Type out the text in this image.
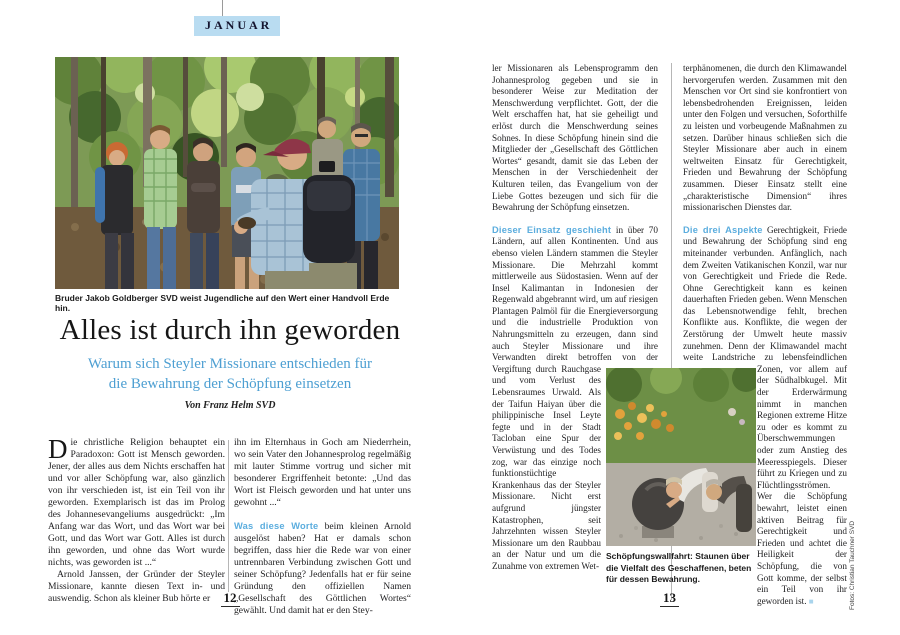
JANUAR
Bruder Jakob Goldberger SVD weist Jugendliche auf den Wert einer Handvoll Erde hin.
Alles ist durch ihn geworden
Warum sich Steyler Missionare entschieden für
die Bewahrung der Schöpfung einsetzen
Von Franz Helm SVD

Die christliche Religion behauptet ein Paradoxon: Gott ist Mensch geworden. Jener, der alles aus dem Nichts erschaffen hat und vor aller Schöpfung war, also gänzlich von ihr verschieden ist, ist ein Teil von ihr geworden. Exemplarisch ist das im Prolog des Johannesevangeliums ausgedrückt: „Im Anfang war das Wort, und das Wort war bei Gott, und das Wort war Gott. Alles ist durch ihn geworden, und ohne das Wort wurde nichts, was geworden ist ...“

Arnold Janssen, der Gründer der Steyler Missionare, kannte diesen Text in- und auswendig. Schon als kleiner Bub hörte er

ihn im Elternhaus in Goch am Niederrhein, wo sein Vater den Johannesprolog regelmäßig mit lauter Stimme vortrug und sicher mit besonderer Ergriffenheit betonte: „Und das Wort ist Fleisch geworden und hat unter uns gewohnt ...“

Was diese Worte beim kleinen Arnold ausgelöst haben? Hat er damals schon begriffen, dass hier die Rede war von einer untrennbaren Verbindung zwischen Gott und seiner Schöpfung? Jedenfalls hat er für seine Gründung den offiziellen Namen „Gesellschaft des Göttlichen Wortes“ gewählt. Und damit hat er den Stey-

12

ler Missionaren als Lebensprogramm den Johannesprolog gegeben und sie in besonderer Weise zur Meditation der Menschwerdung verpflichtet. Gott, der die Welt erschaffen hat, hat sie geheiligt und erlöst durch die Menschwerdung seines Sohnes. In diese Schöpfung hinein sind die Mitglieder der „Gesellschaft des Göttlichen Wortes“ gesandt, damit sie das Leben der Menschen in der Verschiedenheit der Kulturen teilen, das Evangelium von der Liebe Gottes bezeugen und sich für die Bewahrung der Schöpfung einsetzen.

Dieser Einsatz geschieht in über 70 Ländern, auf allen Kontinenten. Und aus ebenso vielen Ländern stammen die Steyler Missionare. Die Mehrzahl kommt mittlerweile aus Südostasien. Wenn auf der Insel Kalimantan in Indonesien der Regenwald abgebrannt wird, um auf riesigen Plantagen Palmöl für die Energieversorgung und die industrielle Produktion von Nahrungsmitteln zu erzeugen, dann sind auch Steyler Missionare und ihre Verwandten direkt betroffen von der Vergiftung durch Rauchgase und vom Verlust des Lebensraumes Urwald. Als der Taifun Haiyan über die philippinische Insel Leyte fegte und in der Stadt Tacloban eine Spur der Verwüstung und des Todes zog, war das einzige noch funktionstüchtige Krankenhaus das der Steyler Missionare. Nicht erst aufgrund jüngster Katastrophen, seit Jahrzehnten wissen Steyler Missionare um den Raubbau an der Natur und um die Zunahme von extremen Wet-

terphänomenen, die durch den Klimawandel hervorgerufen werden. Zusammen mit den Menschen vor Ort sind sie konfrontiert von lebensbedrohenden Ereignissen, leiden unter den Folgen und versuchen, Soforthilfe zu leisten und vorbeugende Maßnahmen zu setzen. Darüber hinaus schließen sich die Steyler Missionare aber auch in einem weltweiten Einsatz für Gerechtigkeit, Frieden und Bewahrung der Schöpfung zusammen. Dieser Einsatz stellt eine „charakteristische Dimension“ ihres missionarischen Dienstes dar.

Die drei Aspekte Gerechtigkeit, Friede und Bewahrung der Schöpfung sind eng miteinander verbunden. Anfänglich, nach dem Zweiten Vatikanischen Konzil, war nur von Gerechtigkeit und Friede die Rede. Ohne Gerechtigkeit kann es keinen dauerhaften Frieden geben. Wenn Menschen das Lebensnotwendige fehlt, brechen Konflikte aus. Konflikte, die wegen der Zerstörung der Umwelt heute massiv zunehmen. Denn der Klimawandel macht weite Landstriche zu lebensfeindlichen Zonen, vor allem auf der Südhalbkugel. Mit der Erderwärmung nimmt in manchen Regionen extreme Hitze zu oder es kommt zu Überschwemmungen oder zum Anstieg des Meeresspiegels. Dieser führt zu Kriegen und zu Flüchtlingsströmen. Wer die Schöpfung bewahrt, leistet einen aktiven Beitrag für Gerechtigkeit und Frieden und achtet die Heiligkeit der Schöpfung, die von Gott komme, der selbst ein Teil von ihr geworden ist. ■

Schöpfungswallfahrt: Staunen über die Vielfalt des Geschaffenen, beten für dessen Bewahrung.	Fotos: Christian Tauchner SVD
13
